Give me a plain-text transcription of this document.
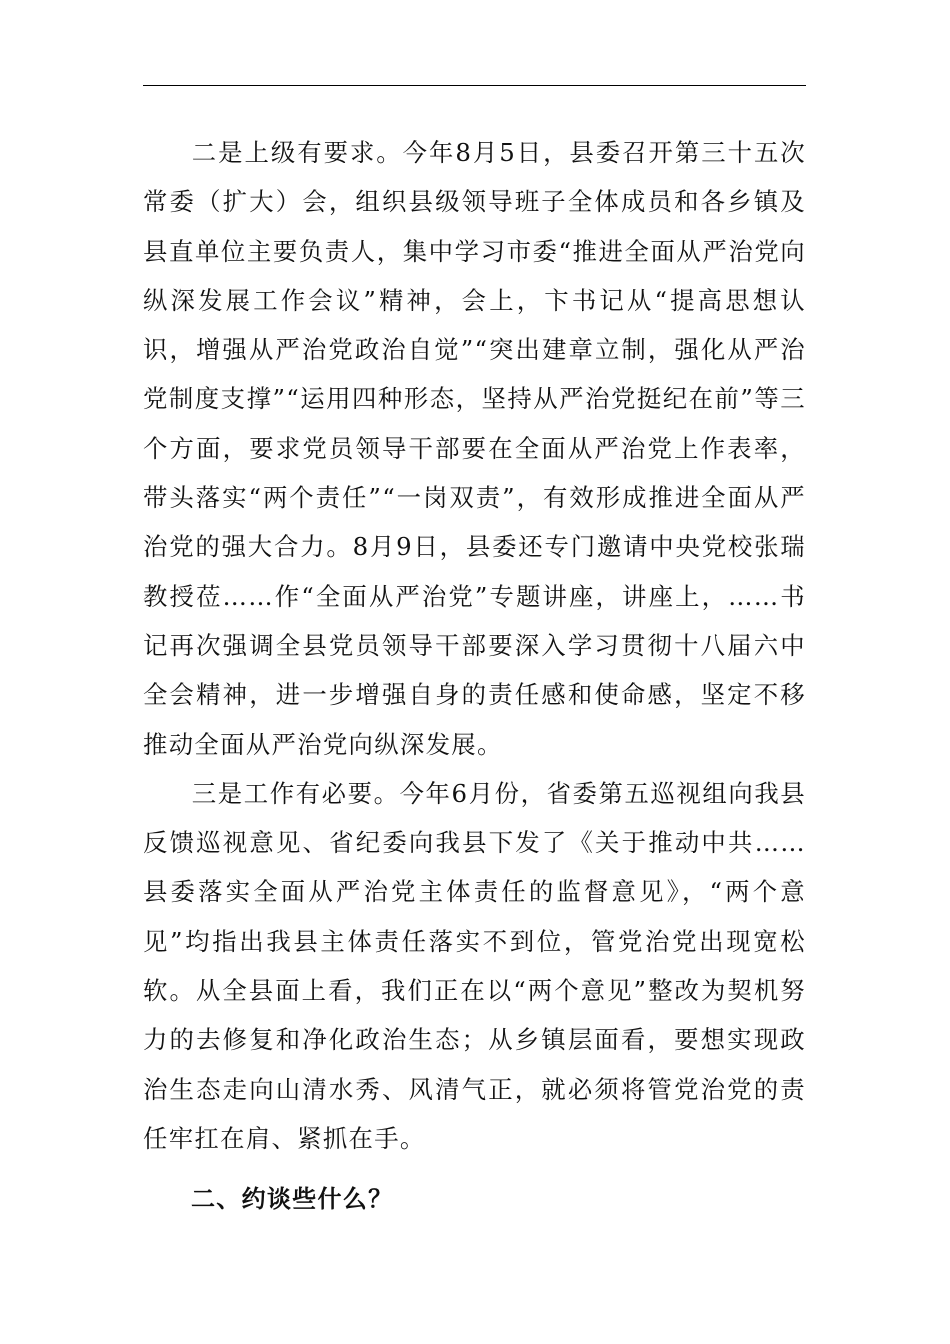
二是上级有要求。今年8月5日，县委召开第三十五次常委（扩大）会，组织县级领导班子全体成员和各乡镇及县直单位主要负责人，集中学习市委“推进全面从严治党向纵深发展工作会议”精神，会上，卞书记从“提高思想认识，增强从严治党政治自觉”“突出建章立制，强化从严治党制度支撑”“运用四种形态，坚持从严治党挺纪在前”等三个方面，要求党员领导干部要在全面从严治党上作表率，带头落实“两个责任”“一岗双责”，有效形成推进全面从严治党的强大合力。8月9日，县委还专门邀请中央党校张瑞教授莅……作“全面从严治党”专题讲座，讲座上，……书记再次强调全县党员领导干部要深入学习贯彻十八届六中全会精神，进一步增强自身的责任感和使命感，坚定不移推动全面从严治党向纵深发展。

三是工作有必要。今年6月份，省委第五巡视组向我县反馈巡视意见、省纪委向我县下发了《关于推动中共……县委落实全面从严治党主体责任的监督意见》，“两个意见”均指出我县主体责任落实不到位，管党治党出现宽松软。从全县面上看，我们正在以“两个意见”整改为契机努力的去修复和净化政治生态；从乡镇层面看，要想实现政治生态走向山清水秀、风清气正，就必须将管党治党的责任牢扛在肩、紧抓在手。

二、约谈些什么？
